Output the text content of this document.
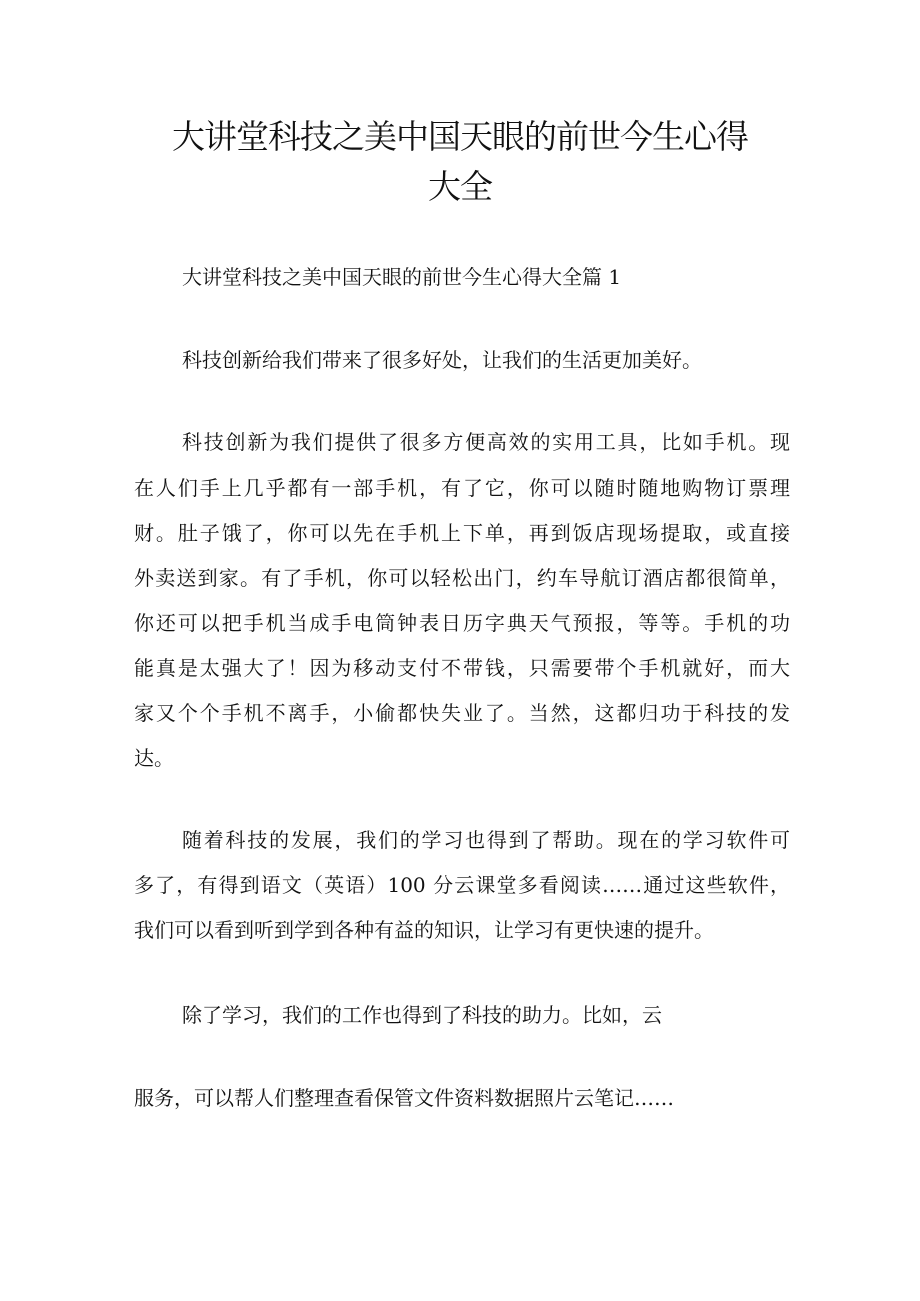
大讲堂科技之美中国天眼的前世今生心得
大全
大讲堂科技之美中国天眼的前世今生心得大全篇 1
科技创新给我们带来了很多好处，让我们的生活更加美好。
科技创新为我们提供了很多方便高效的实用工具，比如手机。现
在人们手上几乎都有一部手机，有了它，你可以随时随地购物订票理
财。肚子饿了，你可以先在手机上下单，再到饭店现场提取，或直接
外卖送到家。有了手机，你可以轻松出门，约车导航订酒店都很简单，
你还可以把手机当成手电筒钟表日历字典天气预报，等等。手机的功
能真是太强大了！因为移动支付不带钱，只需要带个手机就好，而大
家又个个手机不离手，小偷都快失业了。当然，这都归功于科技的发
达。
随着科技的发展，我们的学习也得到了帮助。现在的学习软件可
多了，有得到语文（英语）100 分云课堂多看阅读……通过这些软件，
我们可以看到听到学到各种有益的知识，让学习有更快速的提升。
除了学习，我们的工作也得到了科技的助力。比如，云
服务，可以帮人们整理查看保管文件资料数据照片云笔记……
